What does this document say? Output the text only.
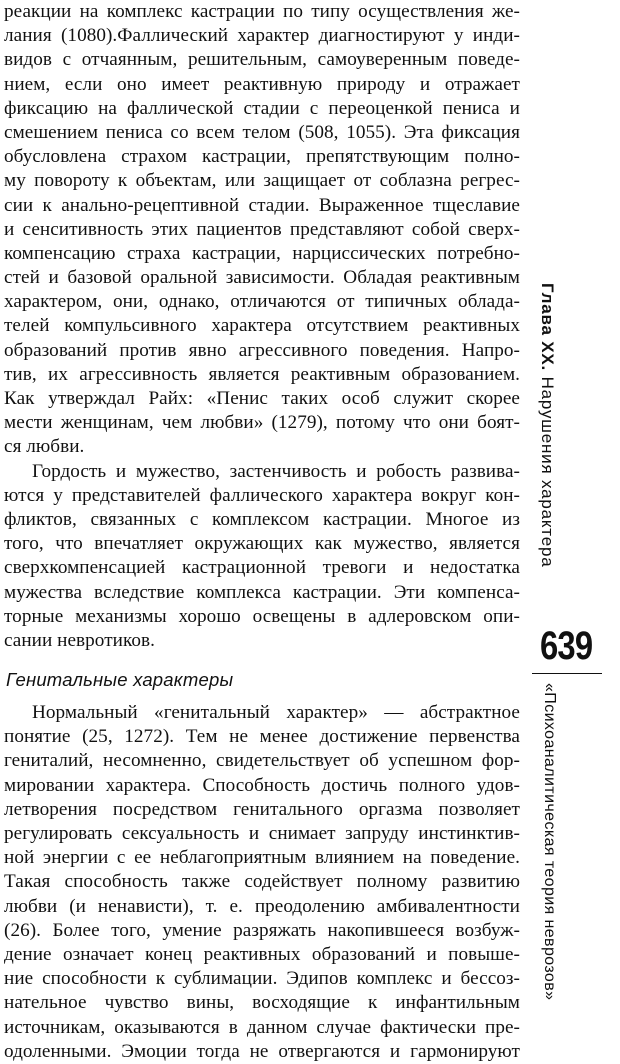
реакции на комплекс кастрации по типу осуществления же-
лания (1080).Фаллический характер диагностируют у инди-
видов с отчаянным, решительным, самоуверенным поведе-
нием, если оно имеет реактивную природу и отражает
фиксацию на фаллической стадии с переоценкой пениса и
смешением пениса со всем телом (508, 1055). Эта фиксация
обусловлена страхом кастрации, препятствующим полно-
му повороту к объектам, или защищает от соблазна регрес-
сии к анально-рецептивной стадии. Выраженное тщеславие
и сенситивность этих пациентов представляют собой сверх-
компенсацию страха кастрации, нарциссических потребно-
стей и базовой оральной зависимости. Обладая реактивным
характером, они, однако, отличаются от типичных облада-
телей компульсивного характера отсутствием реактивных
образований против явно агрессивного поведения. Напро-
тив, их агрессивность является реактивным образованием.
Как утверждал Райх: «Пенис таких особ служит скорее
мести женщинам, чем любви» (1279), потому что они боят-
ся любви.
Гордость и мужество, застенчивость и робость развива-
ются у представителей фаллического характера вокруг кон-
фликтов, связанных с комплексом кастрации. Многое из
того, что впечатляет окружающих как мужество, является
сверхкомпенсацией кастрационной тревоги и недостатка
мужества вследствие комплекса кастрации. Эти компенса-
торные механизмы хорошо освещены в адлеровском опи-
сании невротиков.
Генитальные характеры
Нормальный «генитальный характер» — абстрактное
понятие (25, 1272). Тем не менее достижение первенства
гениталий, несомненно, свидетельствует об успешном фор-
мировании характера. Способность достичь полного удов-
летворения посредством генитального оргазма позволяет
регулировать сексуальность и снимает запруду инстинктив-
ной энергии с ее неблагоприятным влиянием на поведение.
Такая способность также содействует полному развитию
любви (и ненависти), т. е. преодолению амбивалентности
(26). Более того, умение разряжать накопившееся возбуж-
дение означает конец реактивных образований и повыше-
ние способности к сублимации. Эдипов комплекс и бессоз-
нательное чувство вины, восходящие к инфантильным
источникам, оказываются в данном случае фактически пре-
одоленными. Эмоции тогда не отвергаются и гармонируют
Глава XX. Нарушения характера
639
«Психоаналитическая теория неврозов»
